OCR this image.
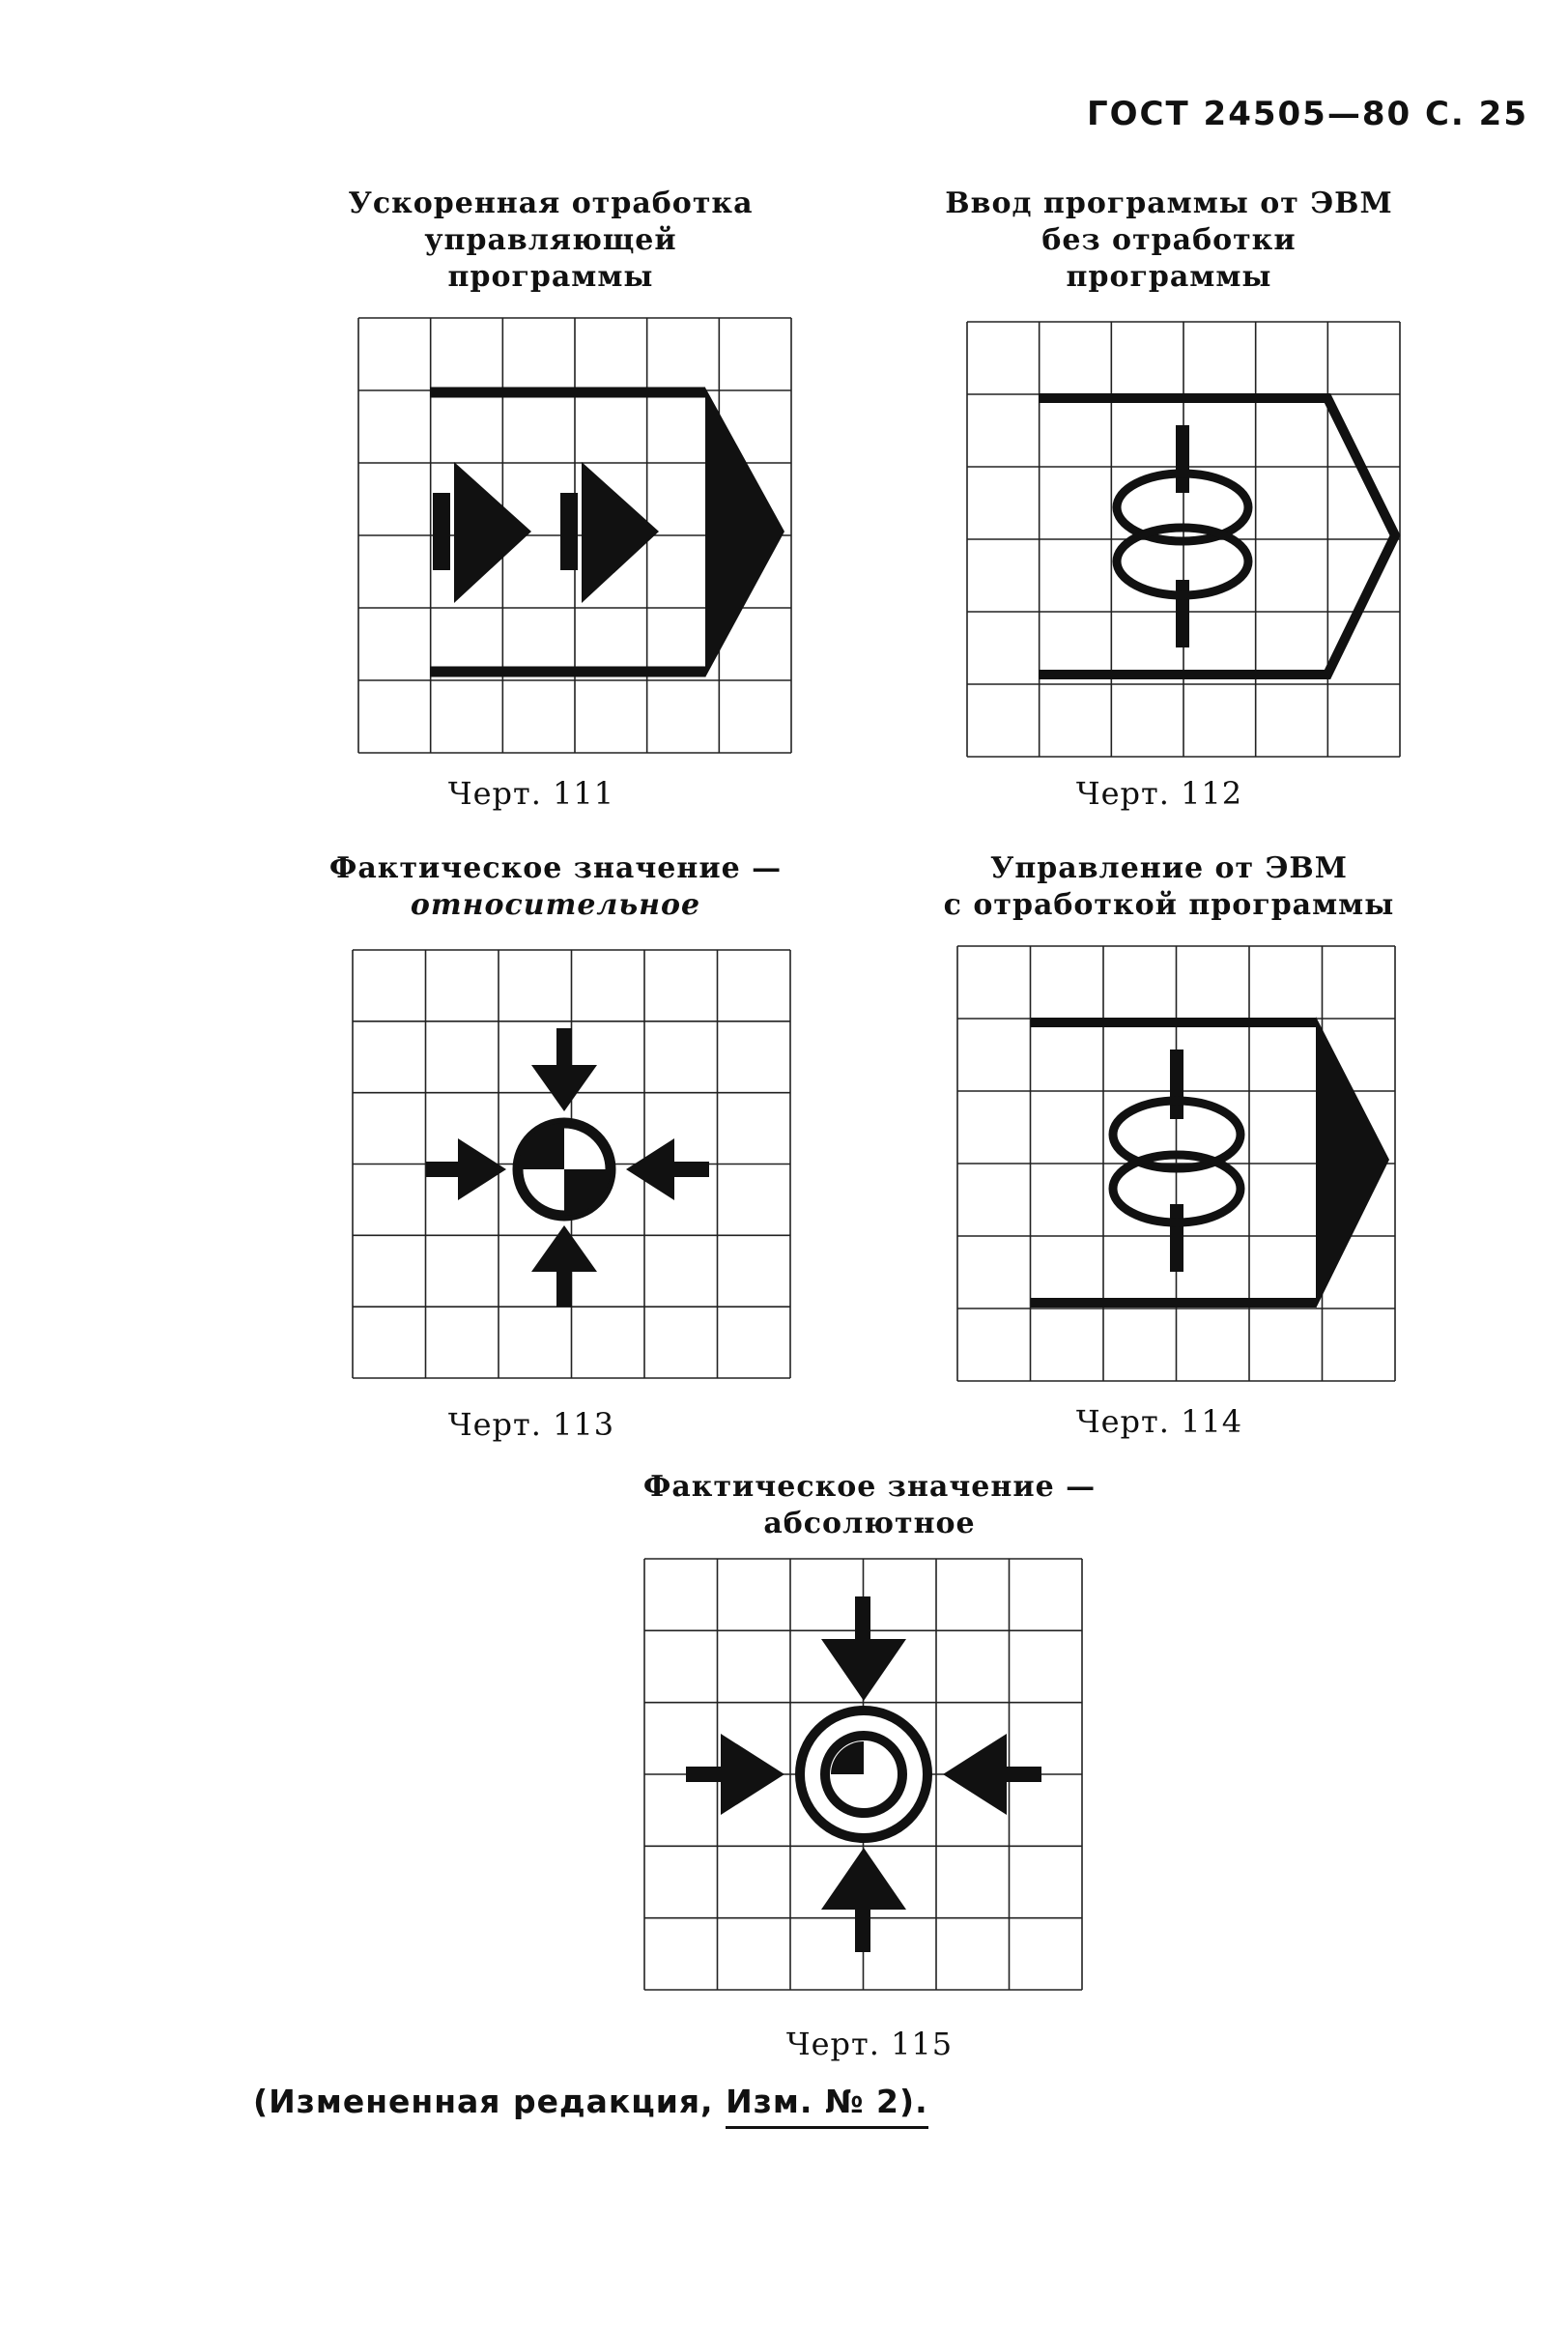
ГОСТ 24505—80 С. 25
Ускоренная отработка
управляющей программы
Черт. 111
Ввод программы от ЭВМ
без отработки
программы
Черт. 112
Фактическое значение —
относительное
Черт. 113
Управление от ЭВМ
с отработкой программы
Черт. 114
Фактическое значение —
абсолютное
Черт. 115
(Измененная редакция, Изм. № 2).
